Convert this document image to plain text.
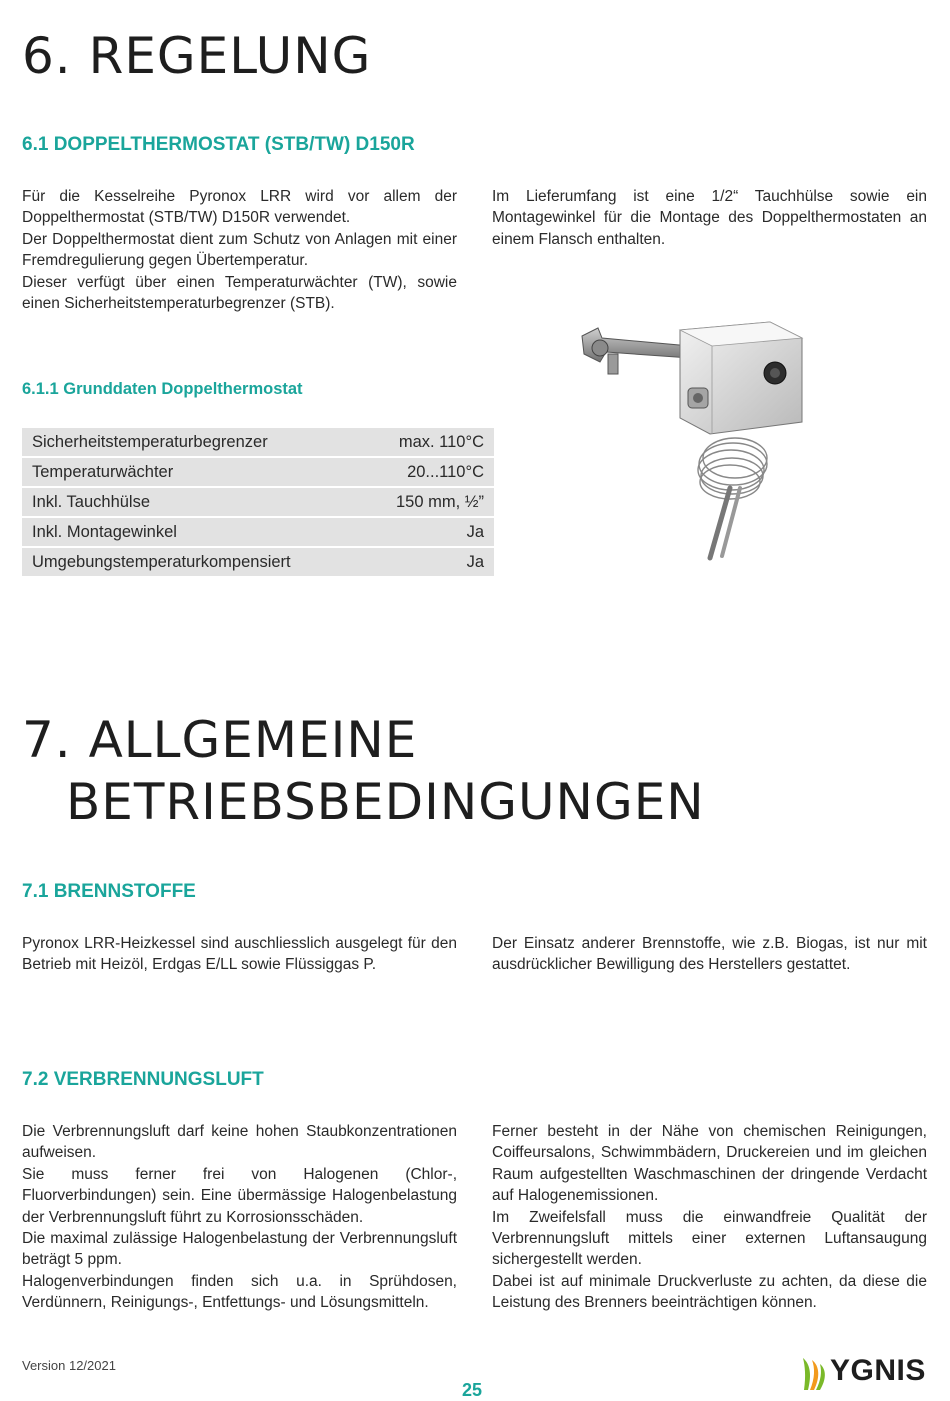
6. REGELUNG
6.1 DOPPELTHERMOSTAT (STB/TW) D150R

Für die Kesselreihe Pyronox LRR wird vor allem der Doppelthermostat (STB/TW) D150R verwendet.

Der Doppelthermostat dient zum Schutz von Anlagen mit einer Fremdregulierung gegen Übertemperatur.

Dieser verfügt über einen Temperaturwächter (TW), sowie einen Sicherheitstemperaturbegrenzer (STB).

Im Lieferumfang ist eine 1/2“ Tauchhülse sowie ein Montagewinkel für die Montage des Doppelthermostaten an einem Flansch enthalten.

6.1.1 Grunddaten Doppelthermostat
Sicherheitstemperaturbegrenzer	max. 110°C
Temperaturwächter	20...110°C
Inkl. Tauchhülse	150 mm, ½”
Inkl. Montagewinkel	Ja
Umgebungstemperaturkompensiert	Ja
7. ALLGEMEINE
BETRIEBSBEDINGUNGEN
7.1 BRENNSTOFFE

Pyronox LRR-Heizkessel sind auschliesslich ausgelegt für den Betrieb mit Heizöl, Erdgas E/LL sowie Flüssiggas P.

Der Einsatz anderer Brennstoffe, wie z.B. Biogas, ist nur mit ausdrücklicher Bewilligung des Herstellers gestattet.

7.2 VERBRENNUNGSLUFT

Die Verbrennungsluft darf keine hohen Staubkonzentrationen aufweisen.

Sie muss ferner frei von Halogenen (Chlor-, Fluorverbindungen) sein. Eine übermässige Halogenbelastung der Verbrennungsluft führt zu Korrosionsschäden.

Die maximal zulässige Halogenbelastung der Verbrennungsluft beträgt 5 ppm.

Halogenverbindungen finden sich u.a. in Sprühdosen, Verdünnern, Reinigungs-, Entfettungs- und Lösungsmitteln.

Ferner besteht in der Nähe von chemischen Reinigungen, Coiffeursalons, Schwimmbädern, Druckereien und im gleichen Raum aufgestellten Waschmaschinen der dringende Verdacht auf Halogenemissionen.

Im Zweifelsfall muss die einwandfreie Qualität der Verbrennungsluft mittels einer externen Luftansaugung sichergestellt werden.

Dabei ist auf minimale Druckverluste zu achten, da diese die Leistung des Brenners beeinträchtigen können.

Version 12/2021
25
YGNIS
